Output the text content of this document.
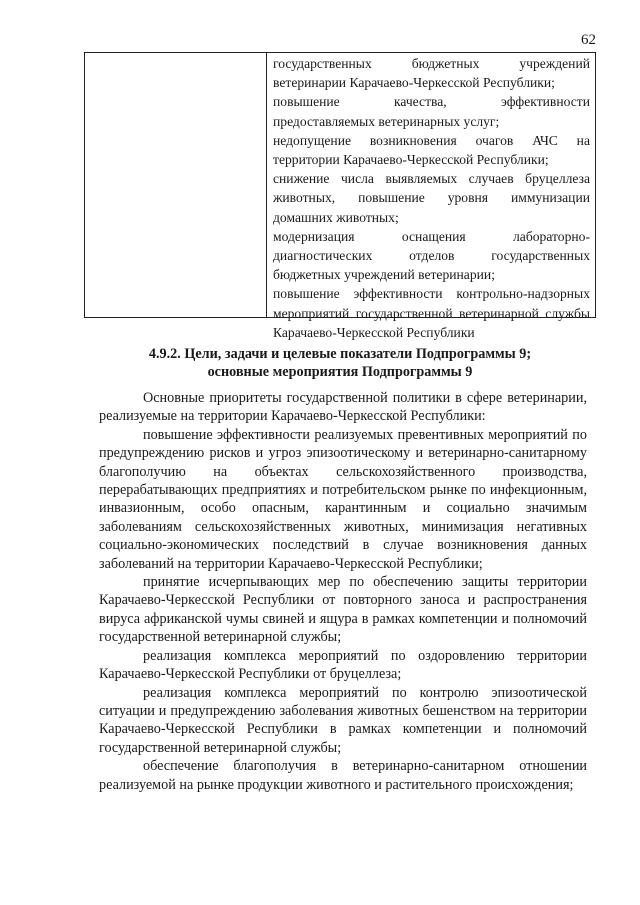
62
государственных бюджетных учреждений ветеринарии Карачаево-Черкесской Республики;
повышение качества, эффективности предоставляемых ветеринарных услуг;
недопущение возникновения очагов АЧС на территории Карачаево-Черкесской Республики;
снижение числа выявляемых случаев бруцеллеза животных, повышение уровня иммунизации домашних животных;
модернизация оснащения лабораторно-диагностических отделов государственных бюджетных учреждений ветеринарии;
повышение эффективности контрольно-надзорных мероприятий государственной ветеринарной службы Карачаево-Черкесской Республики
4.9.2. Цели, задачи и целевые показатели Подпрограммы 9;
основные мероприятия Подпрограммы 9

Основные приоритеты государственной политики в сфере ветеринарии, реализуемые на территории Карачаево-Черкесской Республики:

повышение эффективности реализуемых превентивных мероприятий по предупреждению рисков и угроз эпизоотическому и ветеринарно-санитарному благополучию на объектах сельскохозяйственного производства, перерабатывающих предприятиях и потребительском рынке по инфекционным, инвазионным, особо опасным, карантинным и социально значимым заболеваниям сельскохозяйственных животных, минимизация негативных социально-экономических последствий в случае возникновения данных заболеваний на территории Карачаево-Черкесской Республики;

принятие исчерпывающих мер по обеспечению защиты территории Карачаево-Черкесской Республики от повторного заноса и распространения вируса африканской чумы свиней и ящура в рамках компетенции и полномочий государственной ветеринарной службы;

реализация комплекса мероприятий по оздоровлению территории Карачаево-Черкесской Республики от бруцеллеза;

реализация комплекса мероприятий по контролю эпизоотической ситуации и предупреждению заболевания животных бешенством на территории Карачаево-Черкесской Республики в рамках компетенции и полномочий государственной ветеринарной службы;

обеспечение благополучия в ветеринарно-санитарном отношении реализуемой на рынке продукции животного и растительного происхождения;
